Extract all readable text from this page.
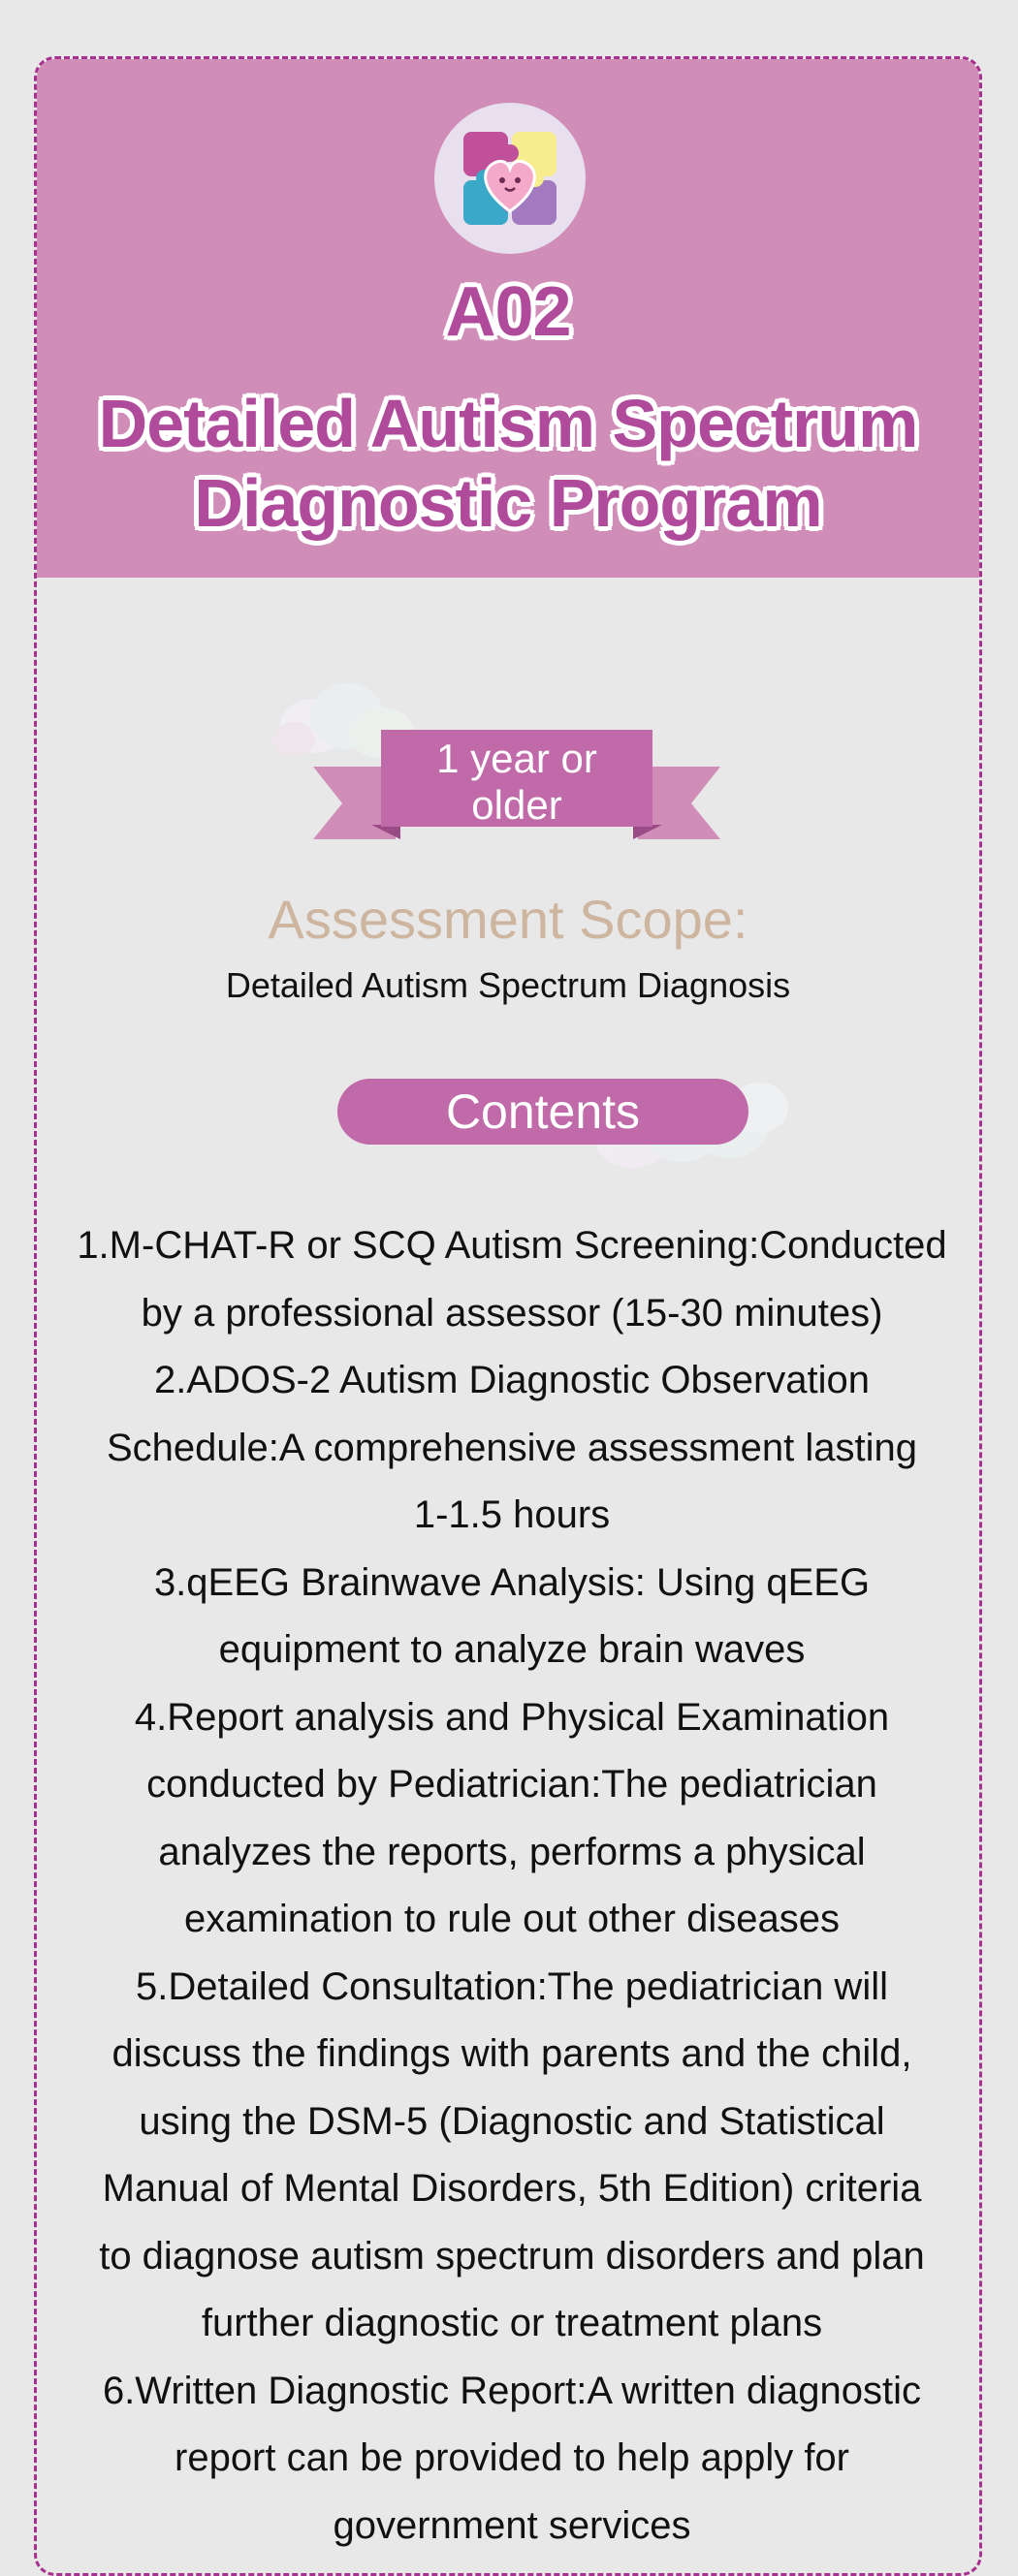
A02
Detailed Autism Spectrum
Diagnostic Program
1 year or older
Assessment Scope:
Detailed Autism Spectrum Diagnosis
Contents

1.M-CHAT-R or SCQ Autism Screening:Conducted

by a professional assessor (15-30 minutes)

2.ADOS-2 Autism Diagnostic Observation

Schedule:A comprehensive assessment lasting

1-1.5 hours

3.qEEG Brainwave Analysis: Using qEEG

equipment to analyze brain waves

4.Report analysis and Physical Examination

conducted by Pediatrician:The pediatrician

analyzes the reports, performs a physical

examination to rule out other diseases

5.Detailed Consultation:The pediatrician will

discuss the findings with parents and the child,

using the DSM-5 (Diagnostic and Statistical

Manual of Mental Disorders, 5th Edition) criteria

to diagnose autism spectrum disorders and plan

further diagnostic or treatment plans

6.Written Diagnostic Report:A written diagnostic

report can be provided to help apply for

government services
